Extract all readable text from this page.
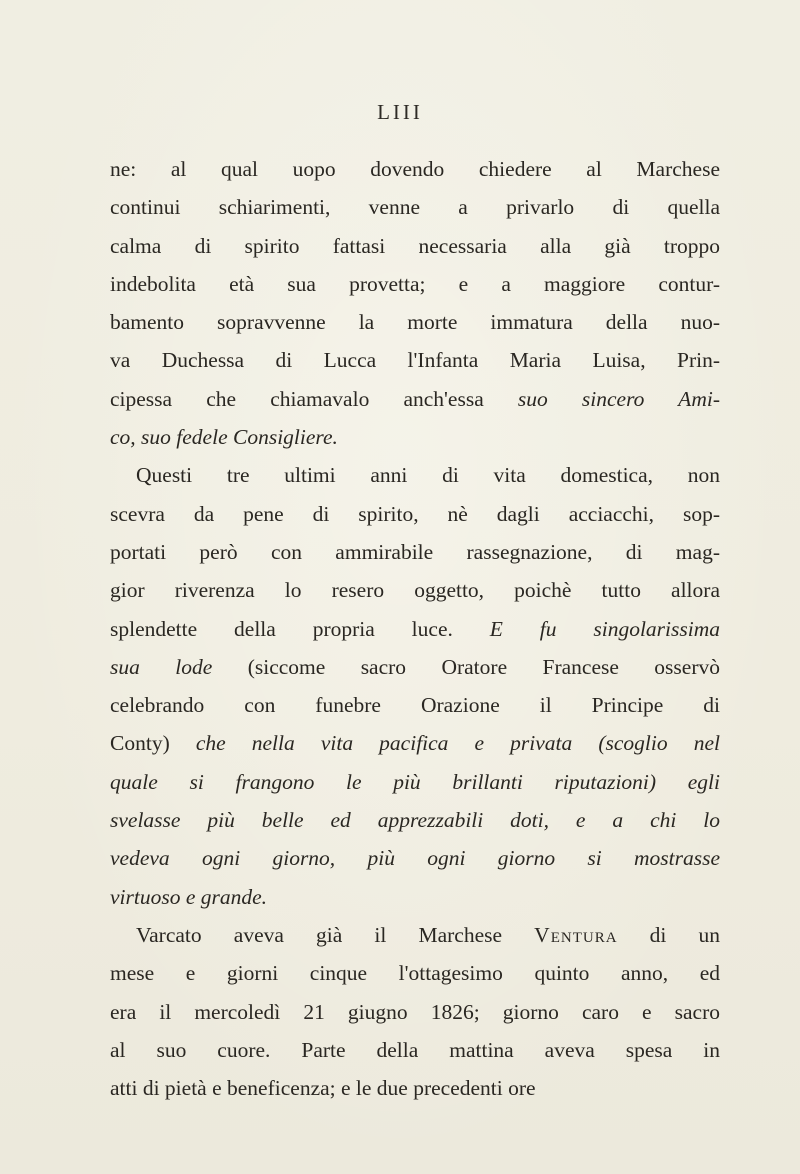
LIII
ne: al qual uopo dovendo chiedere al Marchese
continui schiarimenti, venne a privarlo di quella
calma di spirito fattasi necessaria alla già troppo
indebolita età sua provetta; e a maggiore contur-
bamento sopravvenne la morte immatura della nuo-
va Duchessa di Lucca l'Infanta Maria Luisa, Prin-
cipessa che chiamavalo anch'essa suo sincero Ami-
co, suo fedele Consigliere.
Questi tre ultimi anni di vita domestica, non
scevra da pene di spirito, nè dagli acciacchi, sop-
portati però con ammirabile rassegnazione, di mag-
gior riverenza lo resero oggetto, poichè tutto allora
splendette della propria luce. E fu singolarissima
sua lode (siccome sacro Oratore Francese osservò
celebrando con funebre Orazione il Principe di
Conty) che nella vita pacifica e privata (scoglio nel
quale si frangono le più brillanti riputazioni) egli
svelasse più belle ed apprezzabili doti, e a chi lo
vedeva ogni giorno, più ogni giorno si mostrasse
virtuoso e grande.
Varcato aveva già il Marchese Ventura di un
mese e giorni cinque l'ottagesimo quinto anno, ed
era il mercoledì 21 giugno 1826; giorno caro e sacro
al suo cuore. Parte della mattina aveva spesa in
atti di pietà e beneficenza; e le due precedenti ore
